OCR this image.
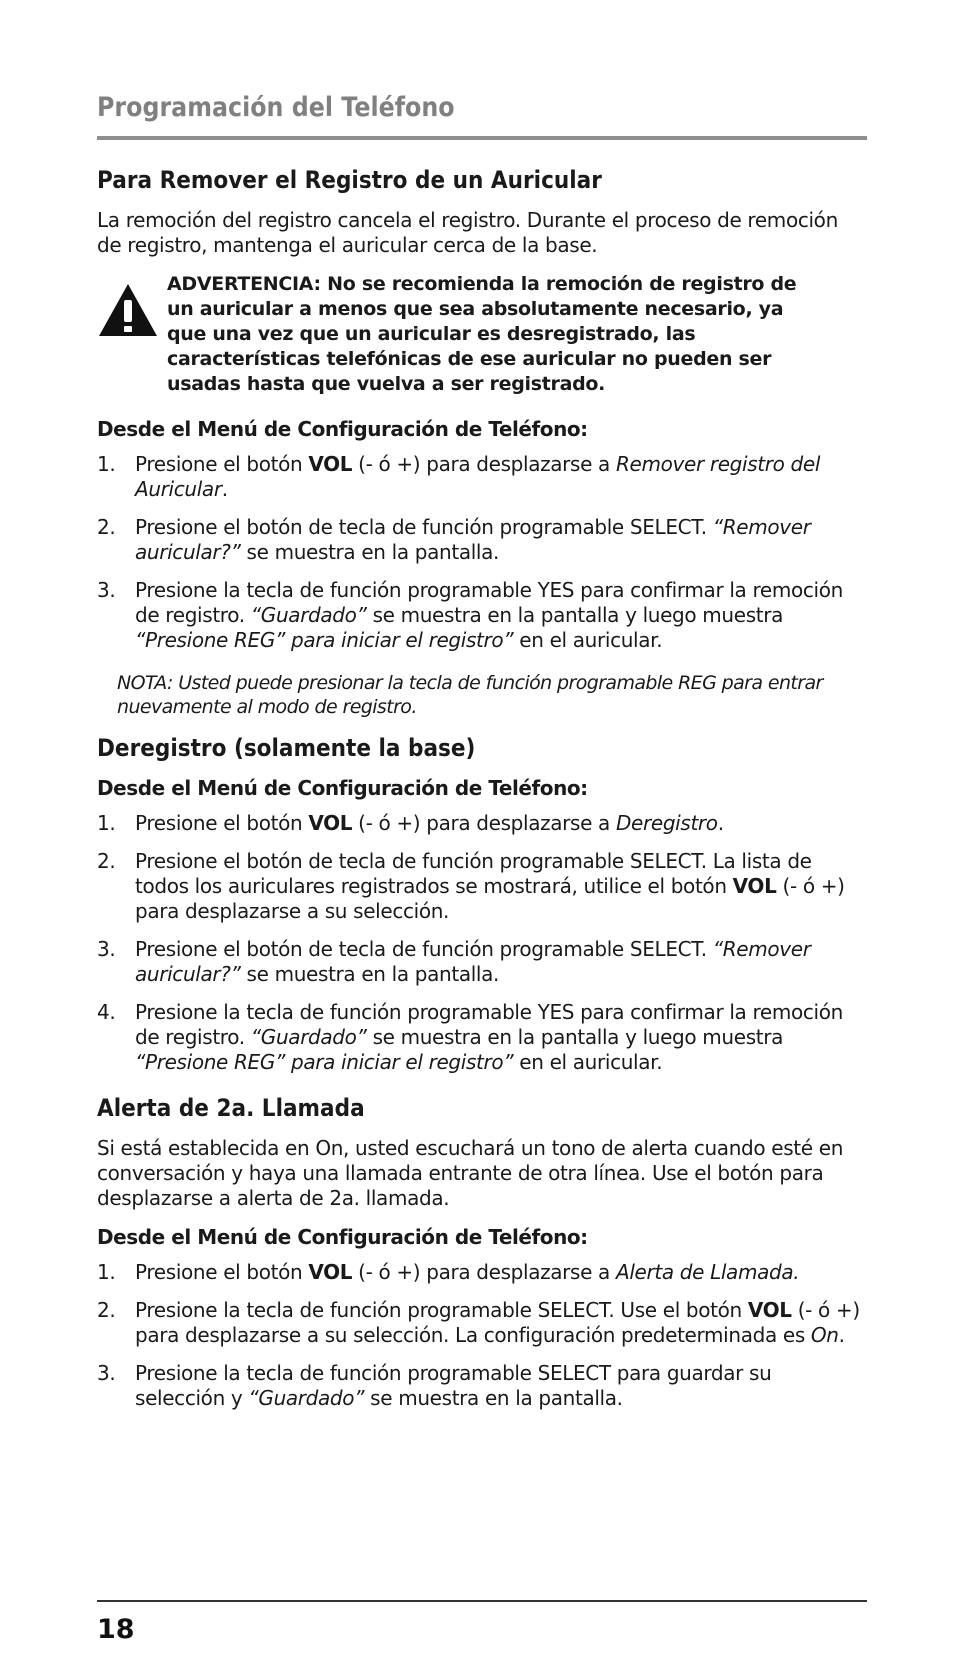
Programación del Teléfono
Para Remover el Registro de un Auricular

La remoción del registro cancela el registro. Durante el proceso de remoción de registro, mantenga el auricular cerca de la base.

ADVERTENCIA: No se recomienda la remoción de registro de un auricular a menos que sea absolutamente necesario, ya que una vez que un auricular es desregistrado, las características telefónicas de ese auricular no pueden ser usadas hasta que vuelva a ser registrado.
Desde el Menú de Configuración de Teléfono:
1. Presione el botón VOL (- ó +) para desplazarse a Remover registro del Auricular.
2. Presione el botón de tecla de función programable SELECT. “Remover auricular?” se muestra en la pantalla.
3. Presione la tecla de función programable YES para confirmar la remoción de registro. “Guardado” se muestra en la pantalla y luego muestra “Presione REG” para iniciar el registro” en el auricular.

NOTA: Usted puede presionar la tecla de función programable REG para entrar nuevamente al modo de registro.

Deregistro (solamente la base)
Desde el Menú de Configuración de Teléfono:
1. Presione el botón VOL (- ó +) para desplazarse a Deregistro.
2. Presione el botón de tecla de función programable SELECT. La lista de todos los auriculares registrados se mostrará, utilice el botón VOL (- ó +) para desplazarse a su selección.
3. Presione el botón de tecla de función programable SELECT. “Remover auricular?” se muestra en la pantalla.
4. Presione la tecla de función programable YES para confirmar la remoción de registro. “Guardado” se muestra en la pantalla y luego muestra “Presione REG” para iniciar el registro” en el auricular.
Alerta de 2a. Llamada

Si está establecida en On, usted escuchará un tono de alerta cuando esté en conversación y haya una llamada entrante de otra línea. Use el botón para desplazarse a alerta de 2a. llamada.

Desde el Menú de Configuración de Teléfono:
1. Presione el botón VOL (- ó +) para desplazarse a Alerta de Llamada.
2. Presione la tecla de función programable SELECT. Use el botón VOL (- ó +) para desplazarse a su selección. La configuración predeterminada es On.
3. Presione la tecla de función programable SELECT para guardar su selección y “Guardado” se muestra en la pantalla.
18
